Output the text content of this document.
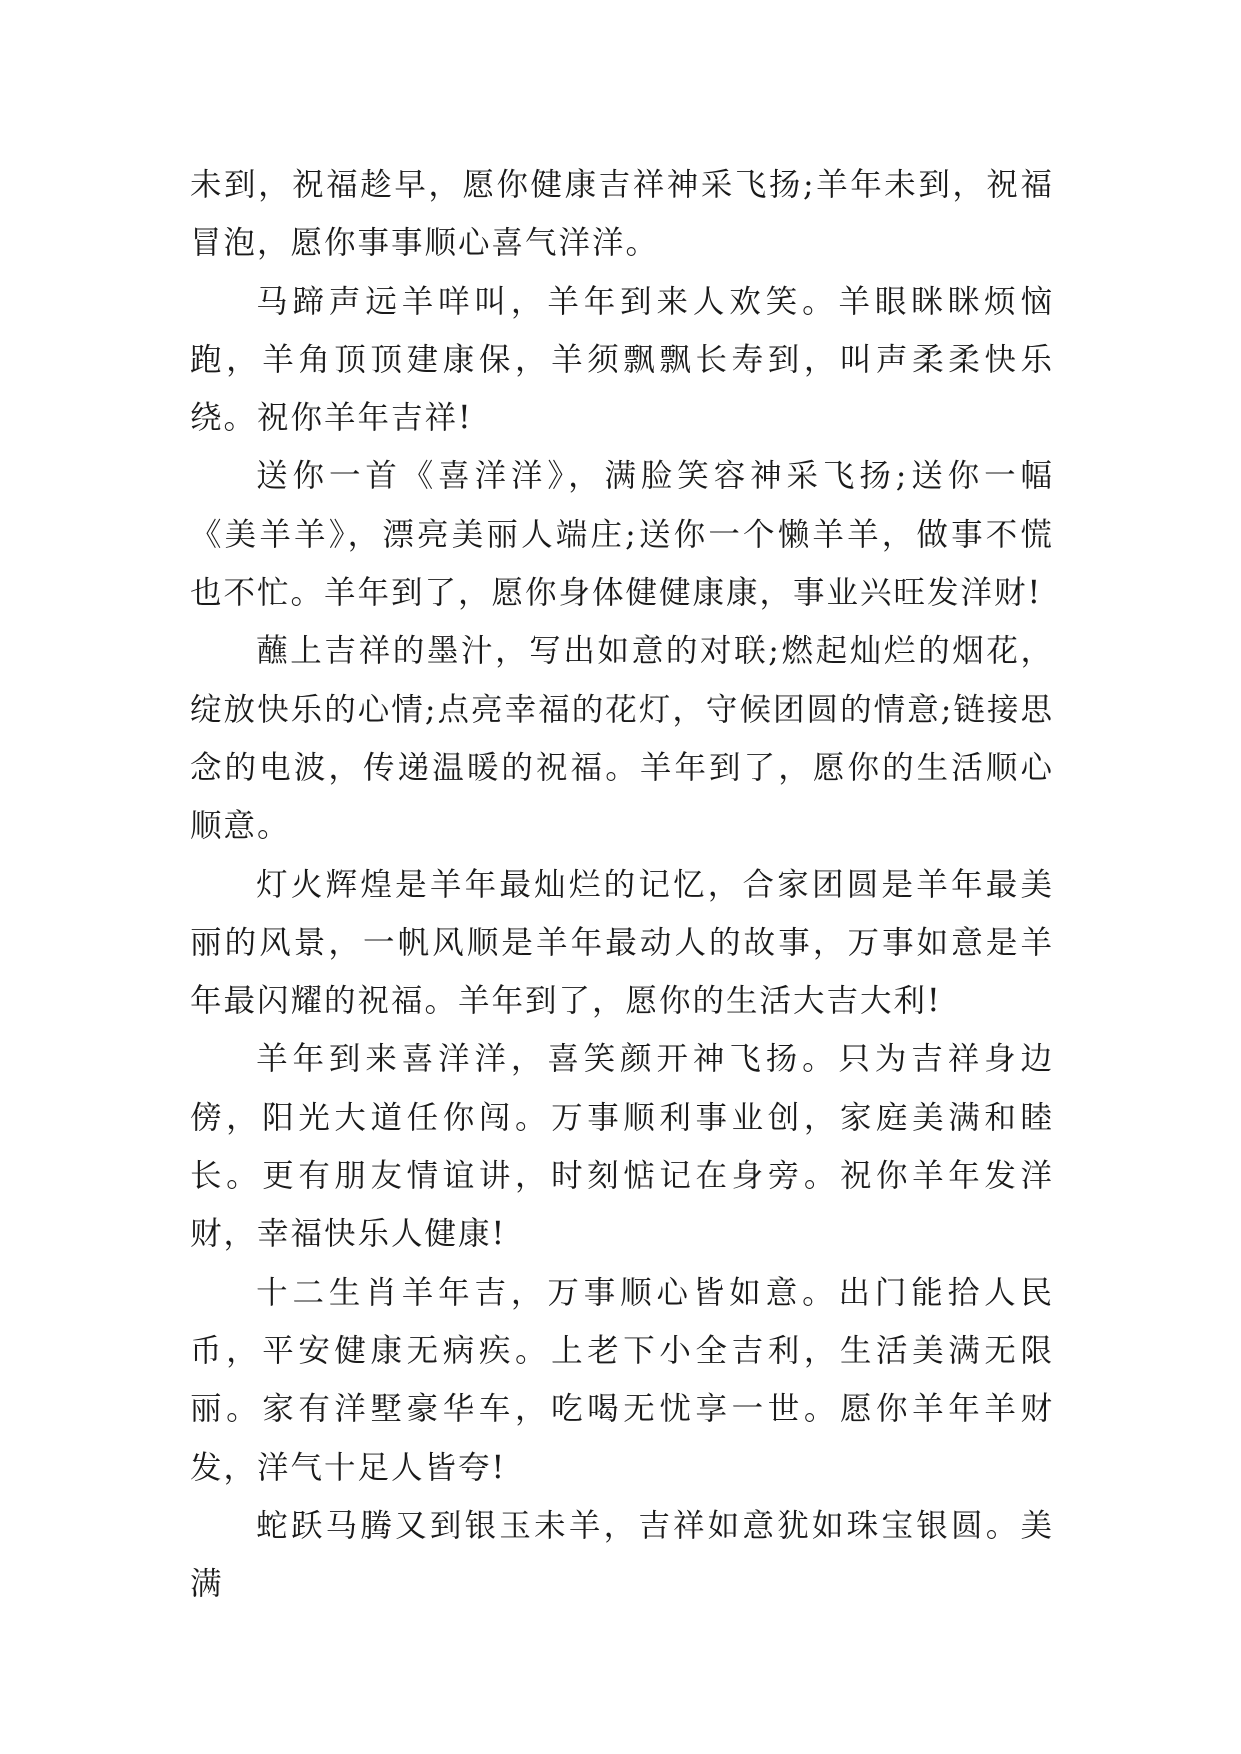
未到，祝福趁早，愿你健康吉祥神采飞扬;羊年未到，祝福冒泡，愿你事事顺心喜气洋洋。

马蹄声远羊咩叫，羊年到来人欢笑。羊眼眯眯烦恼跑，羊角顶顶建康保，羊须飘飘长寿到，叫声柔柔快乐绕。祝你羊年吉祥!

送你一首《喜洋洋》，满脸笑容神采飞扬;送你一幅《美羊羊》，漂亮美丽人端庄;送你一个懒羊羊，做事不慌也不忙。羊年到了，愿你身体健健康康，事业兴旺发洋财!

蘸上吉祥的墨汁，写出如意的对联;燃起灿烂的烟花，绽放快乐的心情;点亮幸福的花灯，守候团圆的情意;链接思念的电波，传递温暖的祝福。羊年到了，愿你的生活顺心顺意。

灯火辉煌是羊年最灿烂的记忆，合家团圆是羊年最美丽的风景，一帆风顺是羊年最动人的故事，万事如意是羊年最闪耀的祝福。羊年到了，愿你的生活大吉大利!

羊年到来喜洋洋，喜笑颜开神飞扬。只为吉祥身边傍，阳光大道任你闯。万事顺利事业创，家庭美满和睦长。更有朋友情谊讲，时刻惦记在身旁。祝你羊年发洋财，幸福快乐人健康!

十二生肖羊年吉，万事顺心皆如意。出门能拾人民币，平安健康无病疾。上老下小全吉利，生活美满无限丽。家有洋墅豪华车，吃喝无忧享一世。愿你羊年羊财发，洋气十足人皆夸!

蛇跃马腾又到银玉未羊，吉祥如意犹如珠宝银圆。美满
